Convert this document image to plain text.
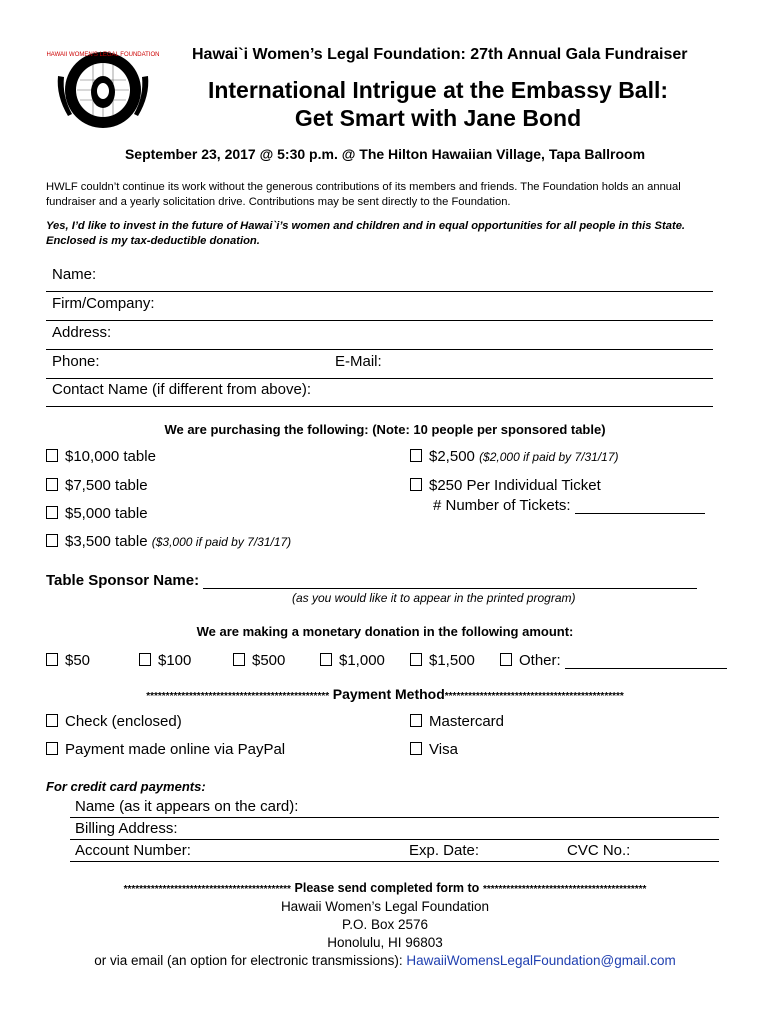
HAWAII WOMEN'S LEGAL FOUNDATION Hawai`i Women’s Legal Foundation: 27th Annual Gala Fundraiser
International Intrigue at the Embassy Ball:
Get Smart with Jane Bond
September 23, 2017 @ 5:30 p.m. @ The Hilton Hawaiian Village, Tapa Ballroom
HWLF couldn’t continue its work without the generous contributions of its members and friends. The Foundation holds an annual fundraiser and a yearly solicitation drive. Contributions may be sent directly to the Foundation.
Yes, I’d like to invest in the future of Hawai`i’s women and children and in equal opportunities for all people in this State.
Enclosed is my tax-deductible donation.
Name:
Firm/Company:
Address:
Phone:	E-Mail:
Contact Name (if different from above):
We are purchasing the following: (Note: 10 people per sponsored table)
$10,000 table
$7,500 table
$5,000 table
$3,500 table ($3,000 if paid by 7/31/17)
$2,500 ($2,000 if paid by 7/31/17)
$250 Per Individual Ticket
# Number of Tickets:
Table Sponsor Name:
(as you would like it to appear in the printed program)
We are making a monetary donation in the following amount:
$50	$100	$500	$1,000	$1,500	Other:
*********************************************** Payment Method**********************************************
Check (enclosed)
Payment made online via PayPal
Mastercard
Visa
For credit card payments:
Name (as it appears on the card):
Billing Address:
Account Number:	Exp. Date:	CVC No.:
******************************************* Please send completed form to ******************************************
Hawaii Women’s Legal Foundation
P.O. Box 2576
Honolulu, HI 96803
or via email (an option for electronic transmissions): HawaiiWomensLegalFoundation@gmail.com
